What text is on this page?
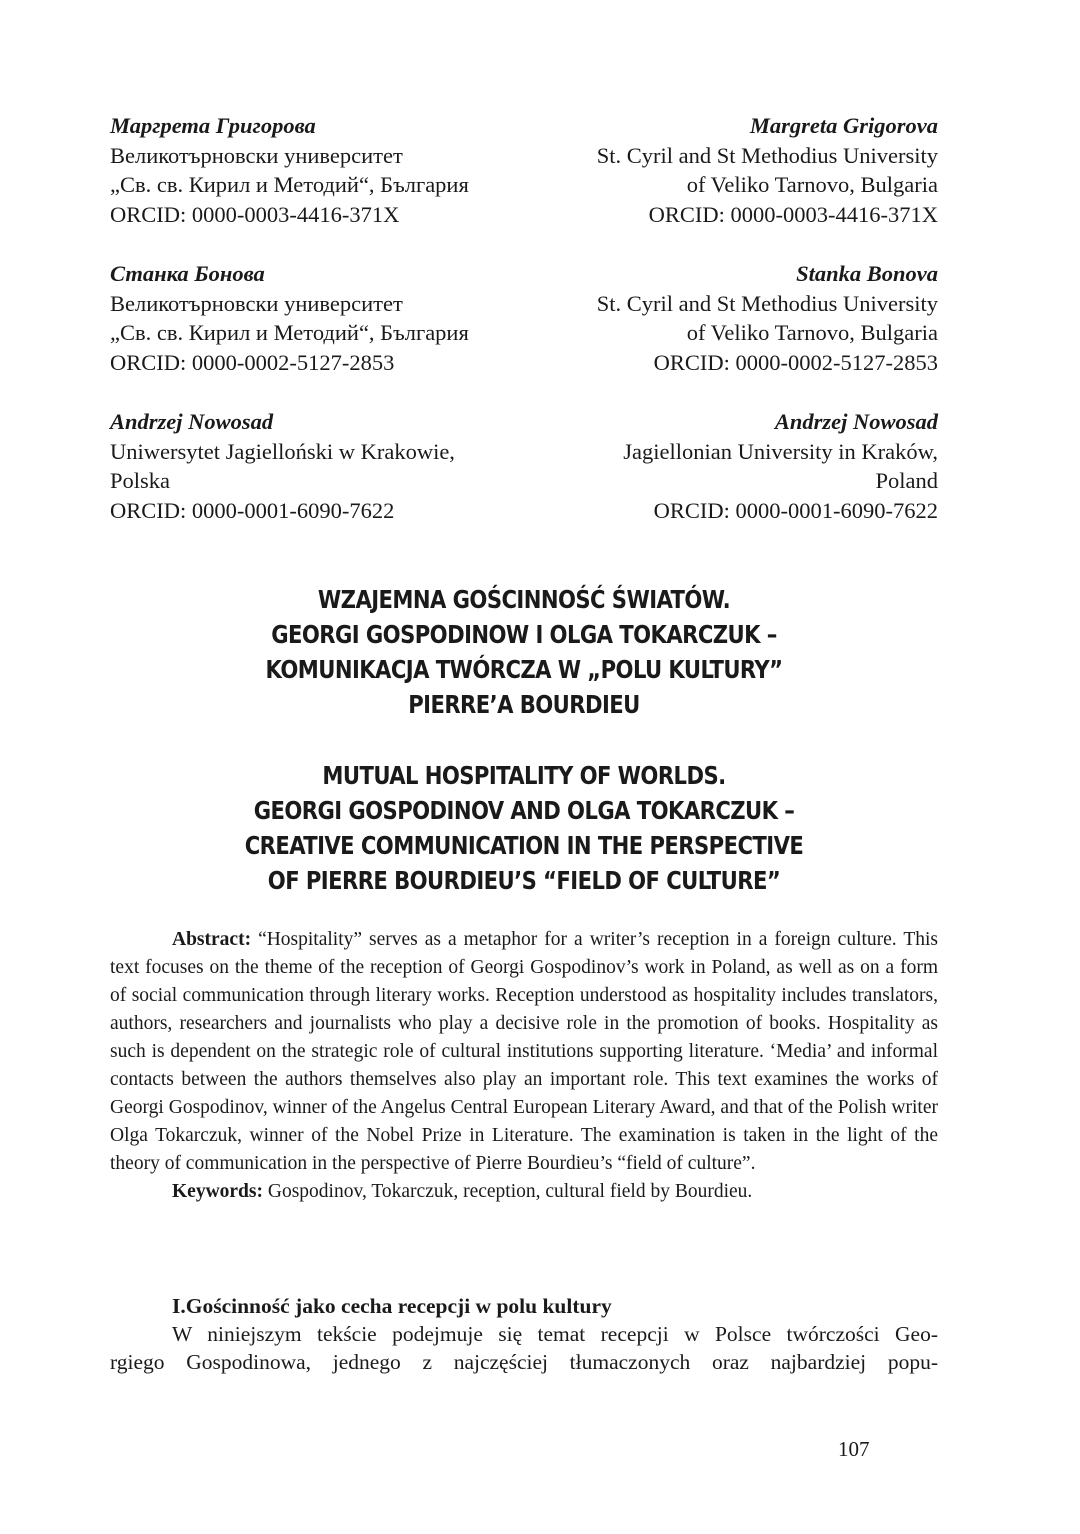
Маргрета Григорова
Великотърновски университет
„Св. св. Кирил и Методий“, България
ORCID: 0000-0003-4416-371X
Margreta Grigorova
St. Cyril and St Methodius University
of Veliko Tarnovo, Bulgaria
ORCID: 0000-0003-4416-371X
Станка Бонова
Великотърновски университет
„Св. св. Кирил и Методий“, България
ORCID: 0000-0002-5127-2853
Stanka Bonova
St. Cyril and St Methodius University
of Veliko Tarnovo, Bulgaria
ORCID: 0000-0002-5127-2853
Andrzej Nowosad
Uniwersytet Jagielloński w Krakowie,
Polska
ORCID: 0000-0001-6090-7622
Andrzej Nowosad
Jagiellonian University in Kraków,
Poland
ORCID: 0000-0001-6090-7622
WZAJEMNA GOŚCINNOŚĆ ŚWIATÓW.
GEORGI GOSPODINOW I OLGA TOKARCZUK –
KOMUNIKACJA TWÓRCZA W „POLU KULTURY”
PIERRE’A BOURDIEU
MUTUAL HOSPITALITY OF WORLDS.
GEORGI GOSPODINOV AND OLGA TOKARCZUK –
CREATIVE COMMUNICATION IN THE PERSPECTIVE
OF PIERRE BOURDIEU’S “FIELD OF CULTURE”

Abstract: “Hospitality” serves as a metaphor for a writer’s reception in a foreign culture. This text focuses on the theme of the reception of Georgi Gospodinov’s work in Poland, as well as on a form of social communication through literary works. Reception understood as hospitality includes translators, authors, researchers and journalists who play a decisive role in the promotion of books. Hospitality as such is dependent on the strategic role of cultural institutions supporting literature. ‘Media’ and informal contacts between the authors themselves also play an important role. This text examines the works of Georgi Gospodinov, winner of the Angelus Central European Literary Award, and that of the Polish writer Olga Tokarczuk, winner of the Nobel Prize in Literature. The examination is taken in the light of the theory of communication in the perspective of Pierre Bourdieu’s “field of culture”.

Keywords: Gospodinov, Tokarczuk, reception, cultural field by Bourdieu.

I.Gościnność jako cecha recepcji w polu kultury
W niniejszym tekście podejmuje się temat recepcji w Polsce twórczości Geo-
rgiego Gospodinowa, jednego z najczęściej tłumaczonych oraz najbardziej popu-
107
